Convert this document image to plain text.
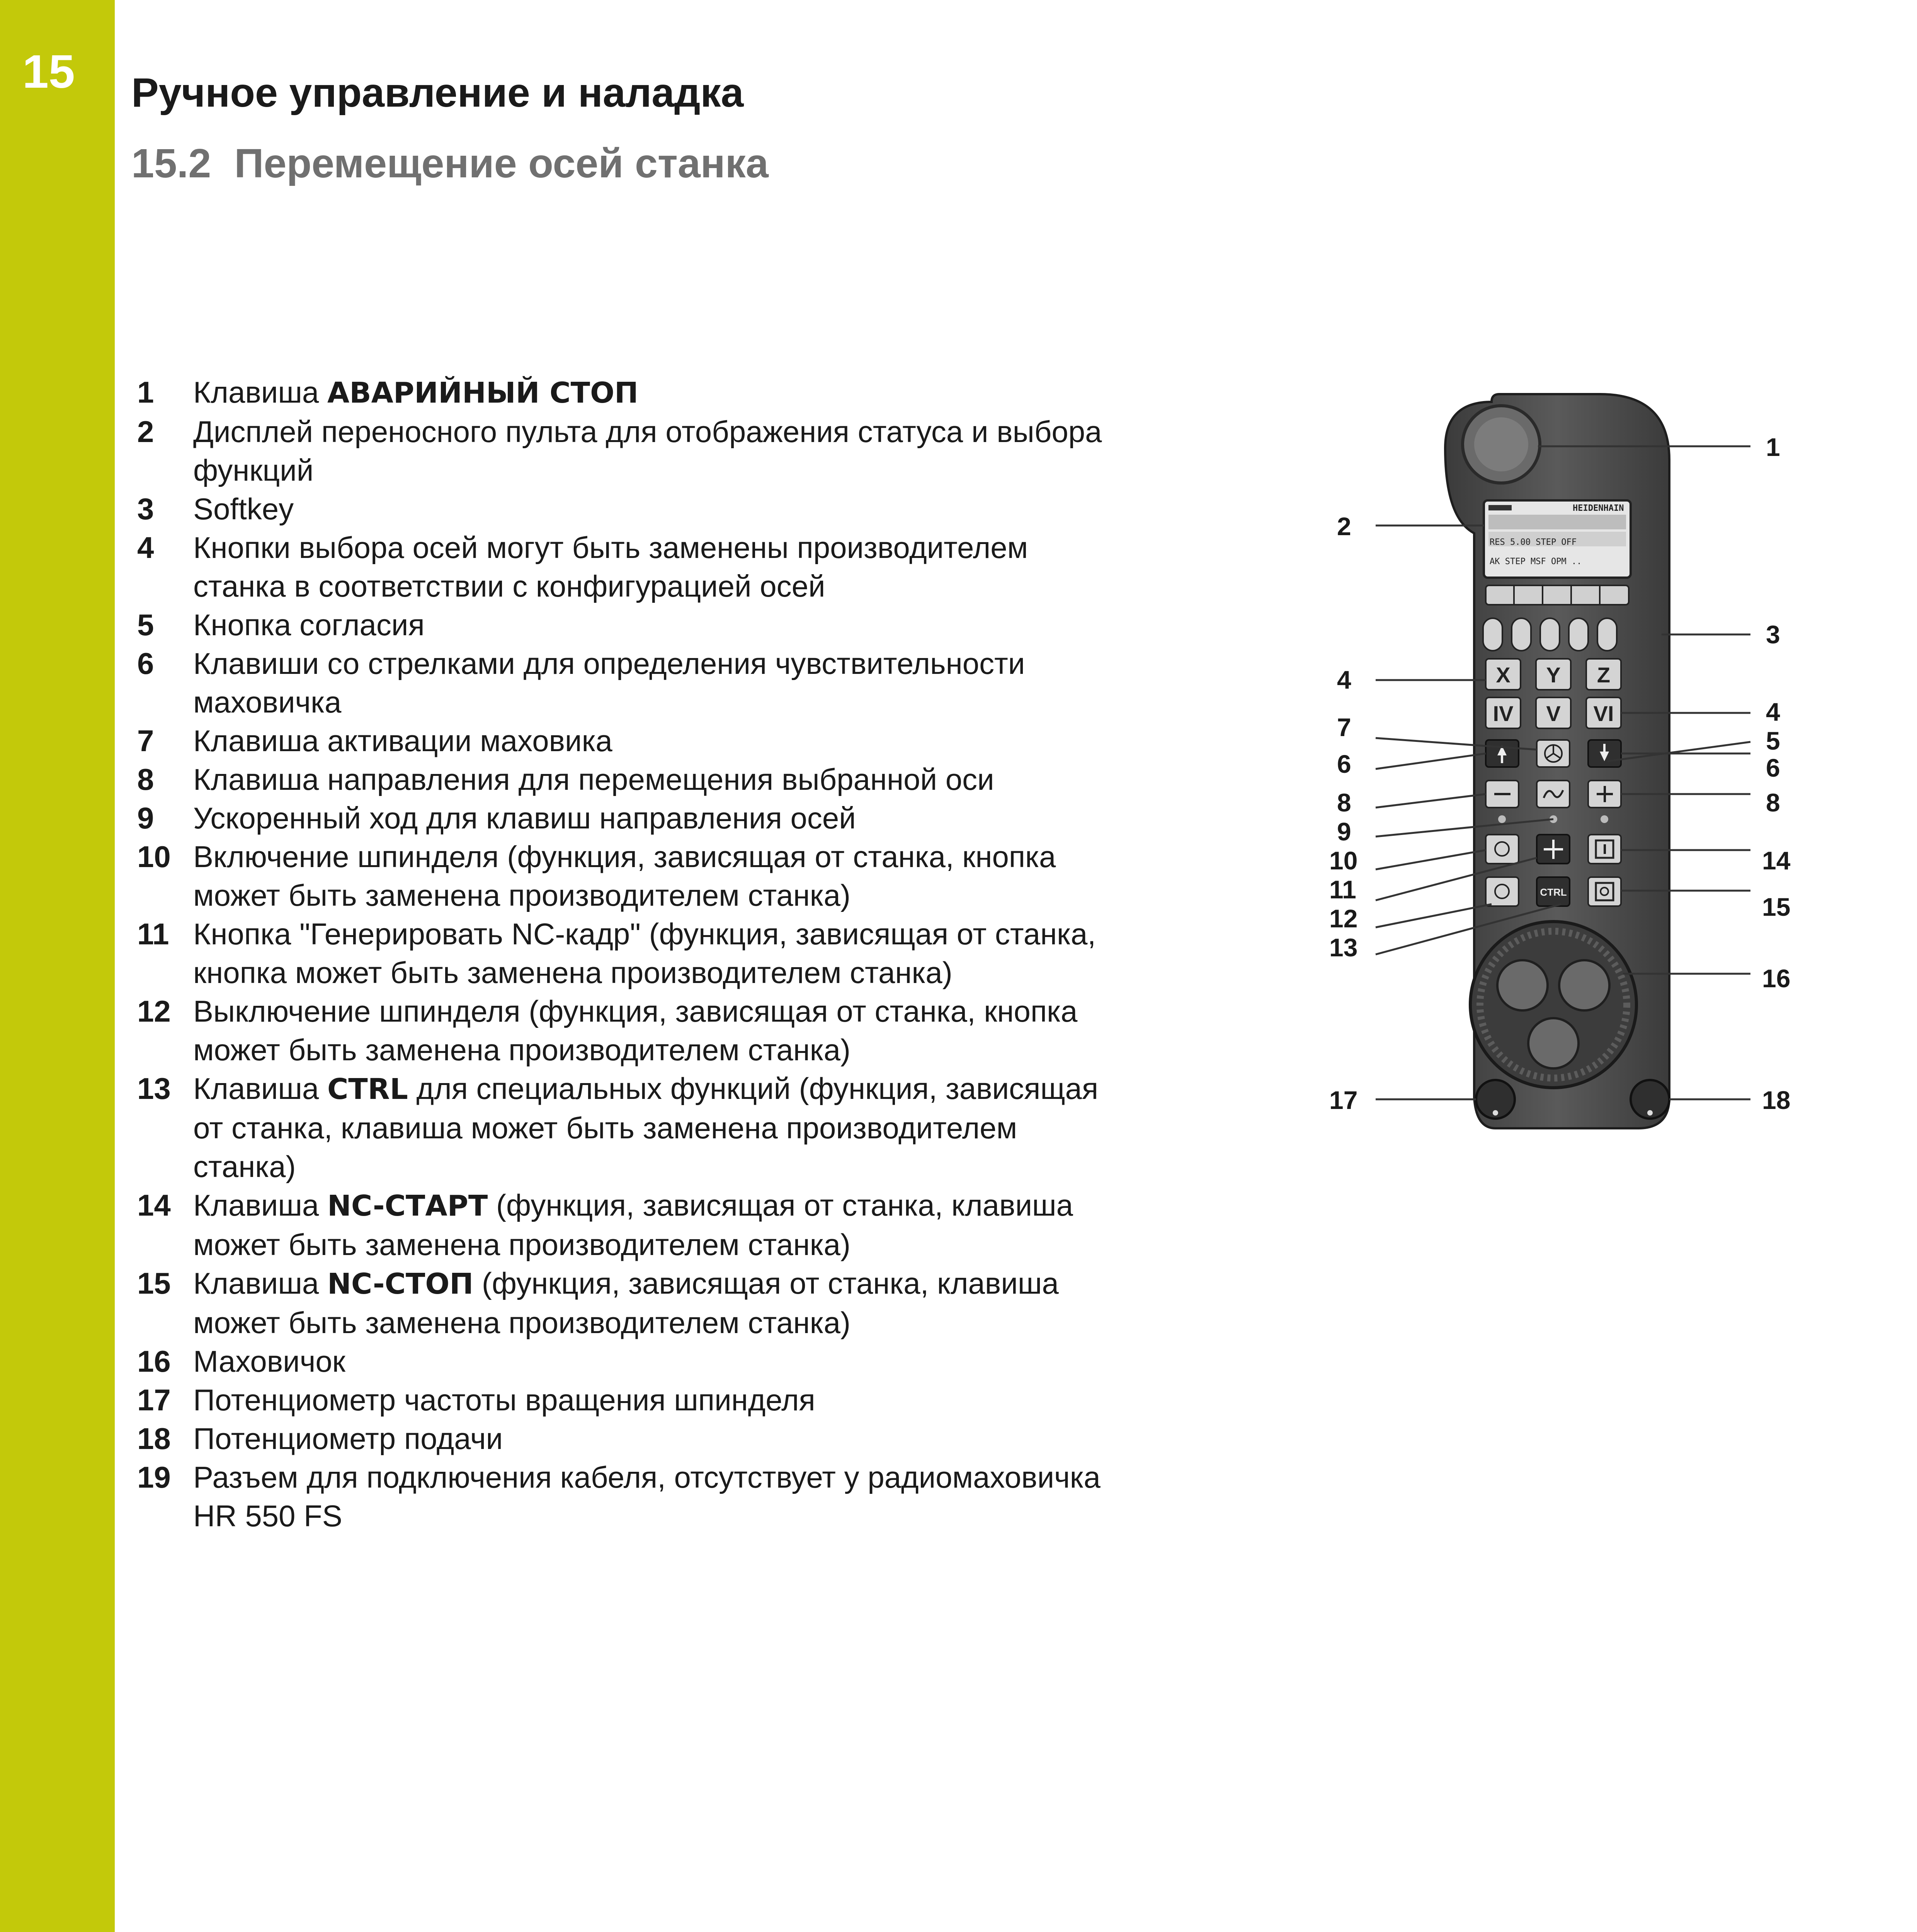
15 Ручное управление и наладка
15.2 Перемещение осей станка
1 Клавиша АВАРИЙНЫЙ СТОП
2 Дисплей переносного пульта для отображения статуса и выбора функций
3 Softkey
4 Кнопки выбора осей могут быть заменены производителем станка в соответствии с конфигурацией осей
5 Кнопка согласия
6 Клавиши со стрелками для определения чувствительности маховичка
7 Клавиша активации маховика
8 Клавиша направления для перемещения выбранной оси
9 Ускоренный ход для клавиш направления осей
10 Включение шпинделя (функция, зависящая от станка, кнопка может быть заменена производителем станка)
11 Кнопка "Генерировать NC-кадр" (функция, зависящая от станка, кнопка может быть заменена производителем станка)
12 Выключение шпинделя (функция, зависящая от станка, кнопка может быть заменена производителем станка)
13 Клавиша CTRL для специальных функций (функция, зависящая от станка, клавиша может быть заменена производителем станка)
14 Клавиша NC-СТАРТ (функция, зависящая от станка, клавиша может быть заменена производителем станка)
15 Клавиша NC-СТОП (функция, зависящая от станка, клавиша может быть заменена производителем станка)
16 Маховичок
17 Потенциометр частоты вращения шпинделя
18 Потенциометр подачи
19 Разъем для подключения кабеля, отсутствует у радиомаховичка HR 550 FS
HEIDENHAIN
RES 5.00 STEP OFF
AK STEP MSF OPM ..
X Y Z
IV V VI
CTRL
1
2
3
4
4
5
7
6
6
8	8
9
10	14
11
15
12
13
16
17	18
